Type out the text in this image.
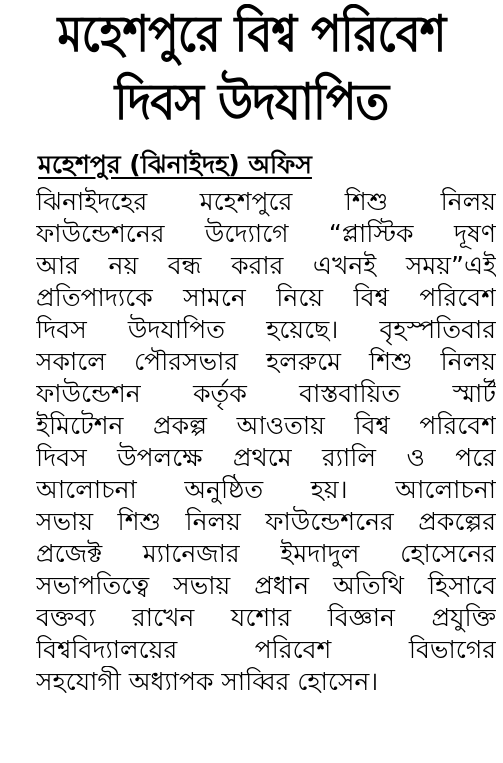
মহেশপুরে বিশ্ব পরিবেশ
দিবস উদযাপিত
মহেশপুর (ঝিনাইদহ) অফিস
ঝিনাইদহের মহেশপুরে শিশু নিলয়
ফাউন্ডেশনের উদ্যোগে “প্লাস্টিক দূষণ
আর নয় বন্ধ করার এখনই সময়”এই
প্রতিপাদ্যকে সামনে নিয়ে বিশ্ব পরিবেশ
দিবস উদযাপিত হয়েছে। বৃহস্পতিবার
সকালে পৌরসভার হলরুমে শিশু নিলয়
ফাউন্ডেশন কর্তৃক বাস্তবায়িত স্মার্ট
ইমিটেশন প্রকল্প আওতায় বিশ্ব পরিবেশ
দিবস উপলক্ষে প্রথমে র‍্যালি ও পরে
আলোচনা অনুষ্ঠিত হয়। আলোচনা
সভায় শিশু নিলয় ফাউন্ডেশনের প্রকল্পের
প্রজেক্ট ম্যানেজার ইমদাদুল হোসেনের
সভাপতিত্বে সভায় প্রধান অতিথি হিসাবে
বক্তব্য রাখেন যশোর বিজ্ঞান প্রযুক্তি
বিশ্ববিদ্যালয়ের পরিবেশ বিভাগের
সহযোগী অধ্যাপক সাব্বির হোসেন।
